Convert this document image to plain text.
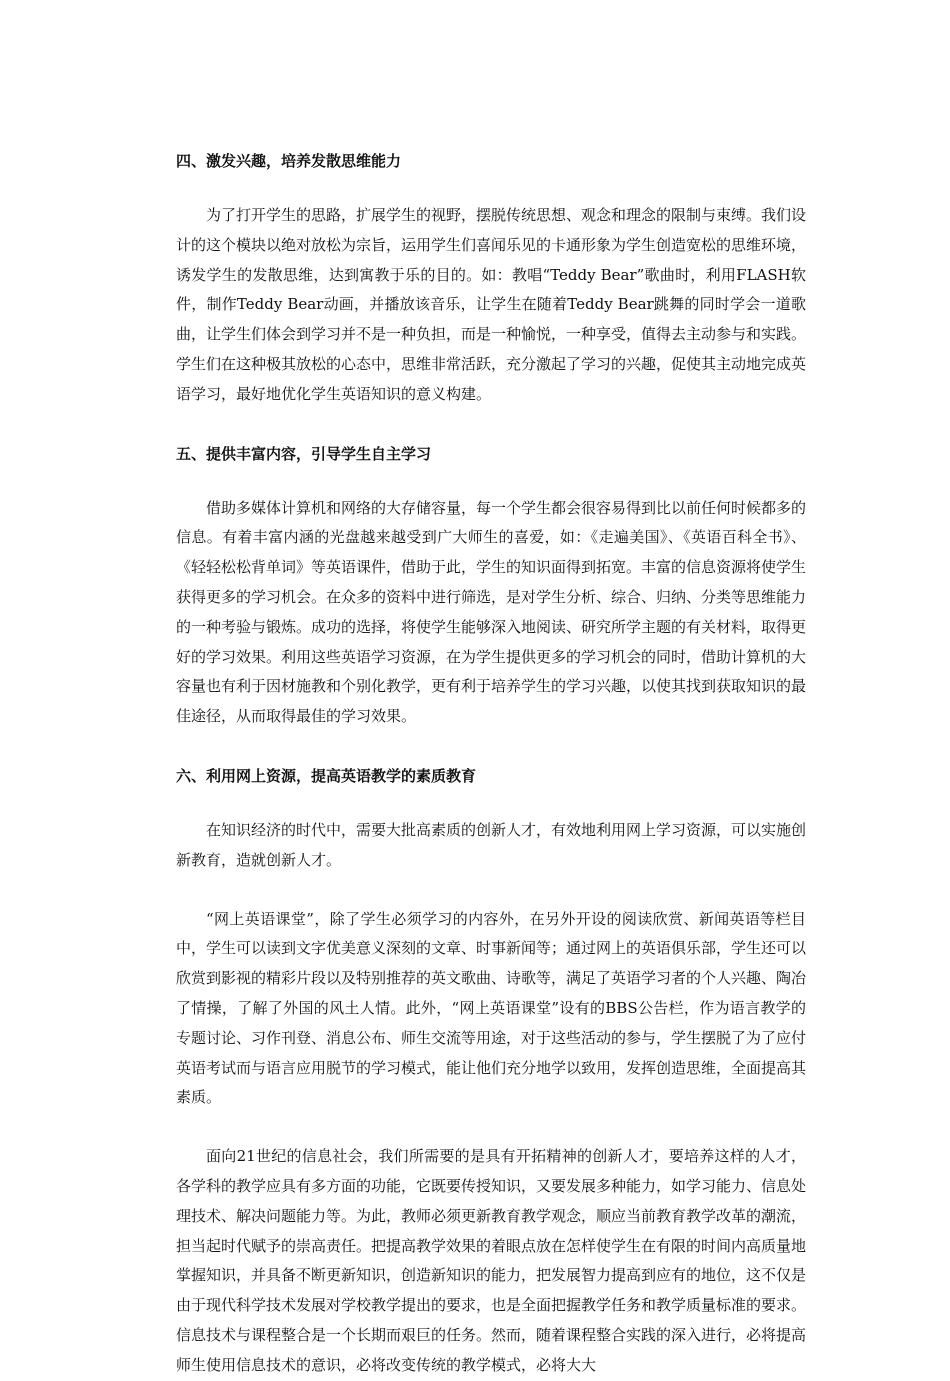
四、激发兴趣，培养发散思维能力

为了打开学生的思路，扩展学生的视野，摆脱传统思想、观念和理念的限制与束缚。我们设计的这个模块以绝对放松为宗旨，运用学生们喜闻乐见的卡通形象为学生创造宽松的思维环境，诱发学生的发散思维，达到寓教于乐的目的。如：教唱“Teddy Bear”歌曲时，利用FLASH软件，制作Teddy Bear动画，并播放该音乐，让学生在随着Teddy Bear跳舞的同时学会一道歌曲，让学生们体会到学习并不是一种负担，而是一种愉悦，一种享受，值得去主动参与和实践。学生们在这种极其放松的心态中，思维非常活跃，充分激起了学习的兴趣，促使其主动地完成英语学习，最好地优化学生英语知识的意义构建。

五、提供丰富内容，引导学生自主学习

借助多媒体计算机和网络的大存储容量，每一个学生都会很容易得到比以前任何时候都多的信息。有着丰富内涵的光盘越来越受到广大师生的喜爱，如：《走遍美国》、《英语百科全书》、《轻轻松松背单词》等英语课件，借助于此，学生的知识面得到拓宽。丰富的信息资源将使学生获得更多的学习机会。在众多的资料中进行筛选，是对学生分析、综合、归纳、分类等思维能力的一种考验与锻炼。成功的选择，将使学生能够深入地阅读、研究所学主题的有关材料，取得更好的学习效果。利用这些英语学习资源，在为学生提供更多的学习机会的同时，借助计算机的大容量也有利于因材施教和个别化教学，更有利于培养学生的学习兴趣，以使其找到获取知识的最佳途径，从而取得最佳的学习效果。

六、利用网上资源，提高英语教学的素质教育

在知识经济的时代中，需要大批高素质的创新人才，有效地利用网上学习资源，可以实施创新教育，造就创新人才。

“网上英语课堂”，除了学生必须学习的内容外，在另外开设的阅读欣赏、新闻英语等栏目中，学生可以读到文字优美意义深刻的文章、时事新闻等；通过网上的英语俱乐部，学生还可以欣赏到影视的精彩片段以及特别推荐的英文歌曲、诗歌等，满足了英语学习者的个人兴趣、陶冶了情操，了解了外国的风土人情。此外，“网上英语课堂”设有的BBS公告栏，作为语言教学的专题讨论、习作刊登、消息公布、师生交流等用途，对于这些活动的参与，学生摆脱了为了应付英语考试而与语言应用脱节的学习模式，能让他们充分地学以致用，发挥创造思维，全面提高其素质。

面向21世纪的信息社会，我们所需要的是具有开拓精神的创新人才，要培养这样的人才，各学科的教学应具有多方面的功能，它既要传授知识，又要发展多种能力，如学习能力、信息处理技术、解决问题能力等。为此，教师必须更新教育教学观念，顺应当前教育教学改革的潮流，担当起时代赋予的崇高责任。把提高教学效果的着眼点放在怎样使学生在有限的时间内高质量地掌握知识，并具备不断更新知识，创造新知识的能力，把发展智力提高到应有的地位，这不仅是由于现代科学技术发展对学校教学提出的要求，也是全面把握教学任务和教学质量标准的要求。信息技术与课程整合是一个长期而艰巨的任务。然而，随着课程整合实践的深入进行，必将提高师生使用信息技术的意识，必将改变传统的教学模式，必将大大
